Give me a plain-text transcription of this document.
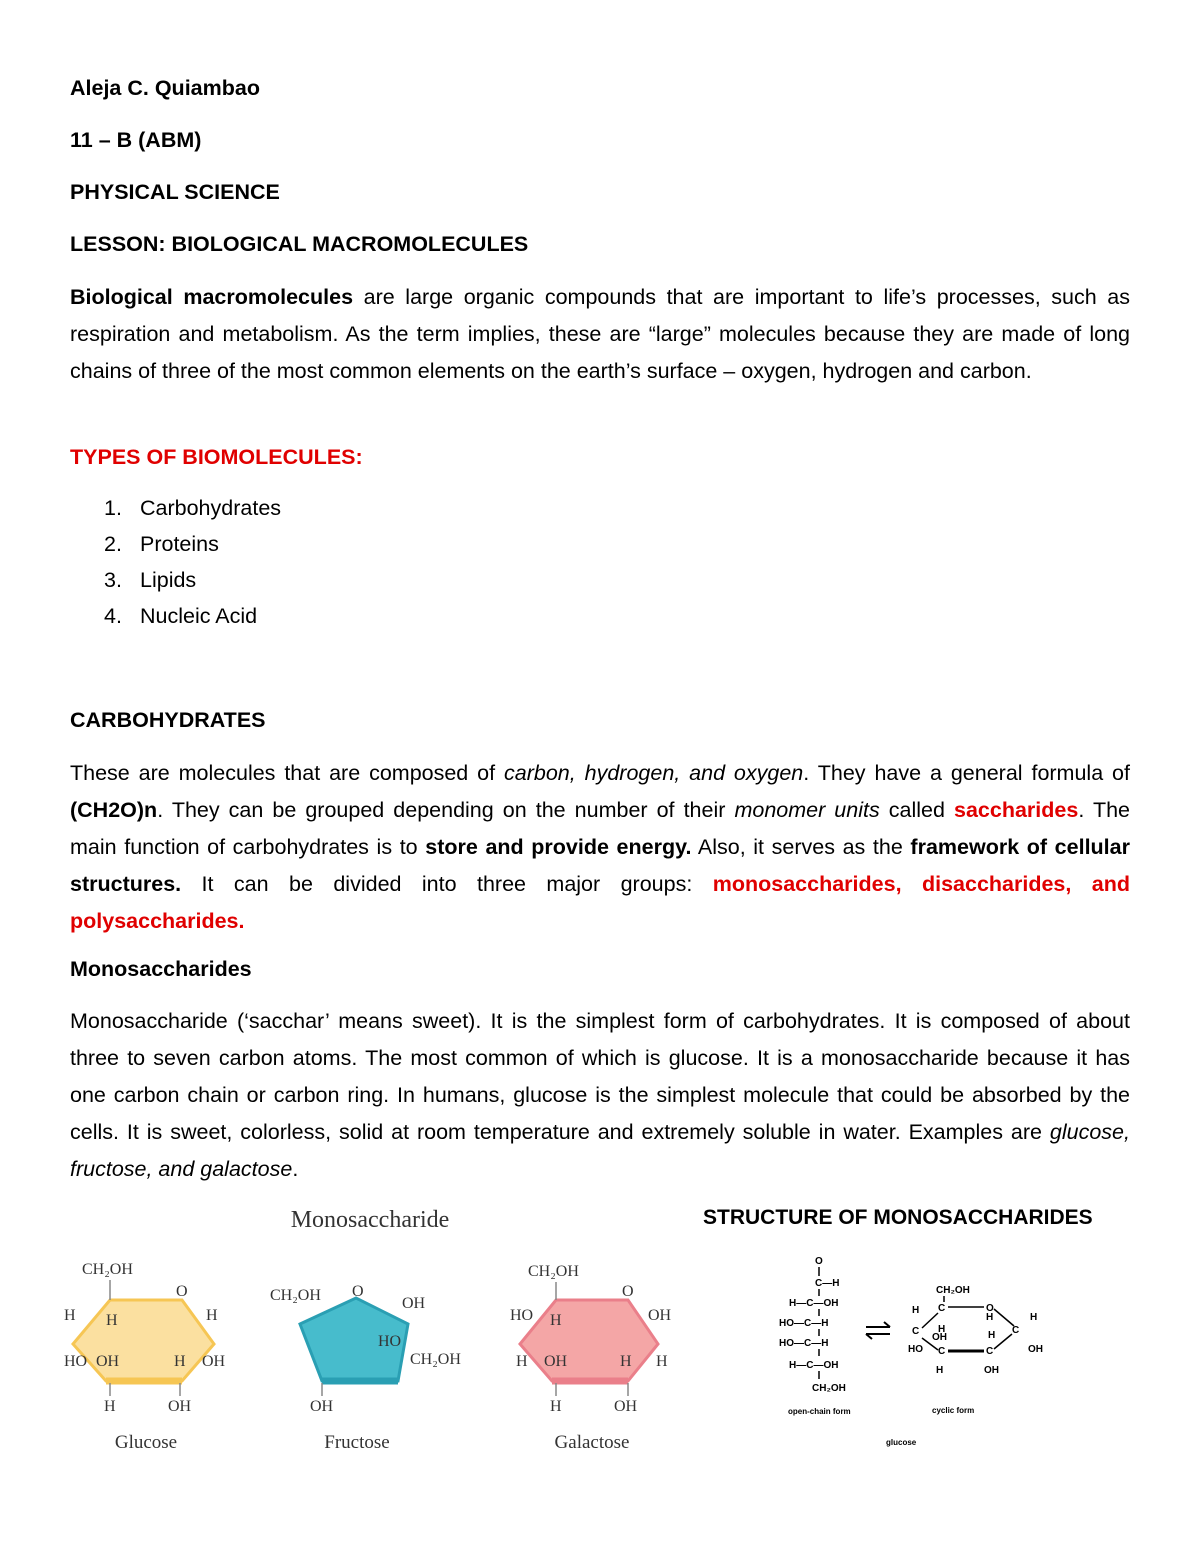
Aleja C. Quiambao
11 – B (ABM)
PHYSICAL SCIENCE
LESSON: BIOLOGICAL MACROMOLECULES
Biological macromolecules are large organic compounds that are important to life’s processes, such as respiration and metabolism. As the term implies, these are “large” molecules because they are made of long chains of three of the most common elements on the earth’s surface – oxygen, hydrogen and carbon.
TYPES OF BIOMOLECULES:
1. Carbohydrates
2. Proteins
3. Lipids
4. Nucleic Acid
CARBOHYDRATES
These are molecules that are composed of carbon, hydrogen, and oxygen. They have a general formula of (CH2O)n. They can be grouped depending on the number of their monomer units called saccharides. The main function of carbohydrates is to store and provide energy. Also, it serves as the framework of cellular structures. It can be divided into three major groups: monosaccharides, disaccharides, and polysaccharides.
Monosaccharides
Monosaccharide (‘sacchar’ means sweet). It is the simplest form of carbohydrates. It is composed of about three to seven carbon atoms. The most common of which is glucose. It is a monosaccharide because it has one carbon chain or carbon ring. In humans, glucose is the simplest molecule that could be absorbed by the cells. It is sweet, colorless, solid at room temperature and extremely soluble in water. Examples are glucose, fructose, and galactose.
Monosaccharide
CH₂OH
O
H H	H
HO OH	H OH
H	OH
Glucose
CH₂OH O
OH
HO
CH₂OH
OH
Fructose
CH₂OH
O
HO H	OH
H OH	H H
H	OH
Galactose
STRUCTURE OF MONOSACCHARIDES
O
C—H
H—C—OH
HO—C—H
HO—C—H
H—C—OH
CH₂OH
open-chain form
CH₂OH
C	O
H
C
OH
H
C
OH
HO C	C
H
H
H	OH
H
cyclic form
glucose
